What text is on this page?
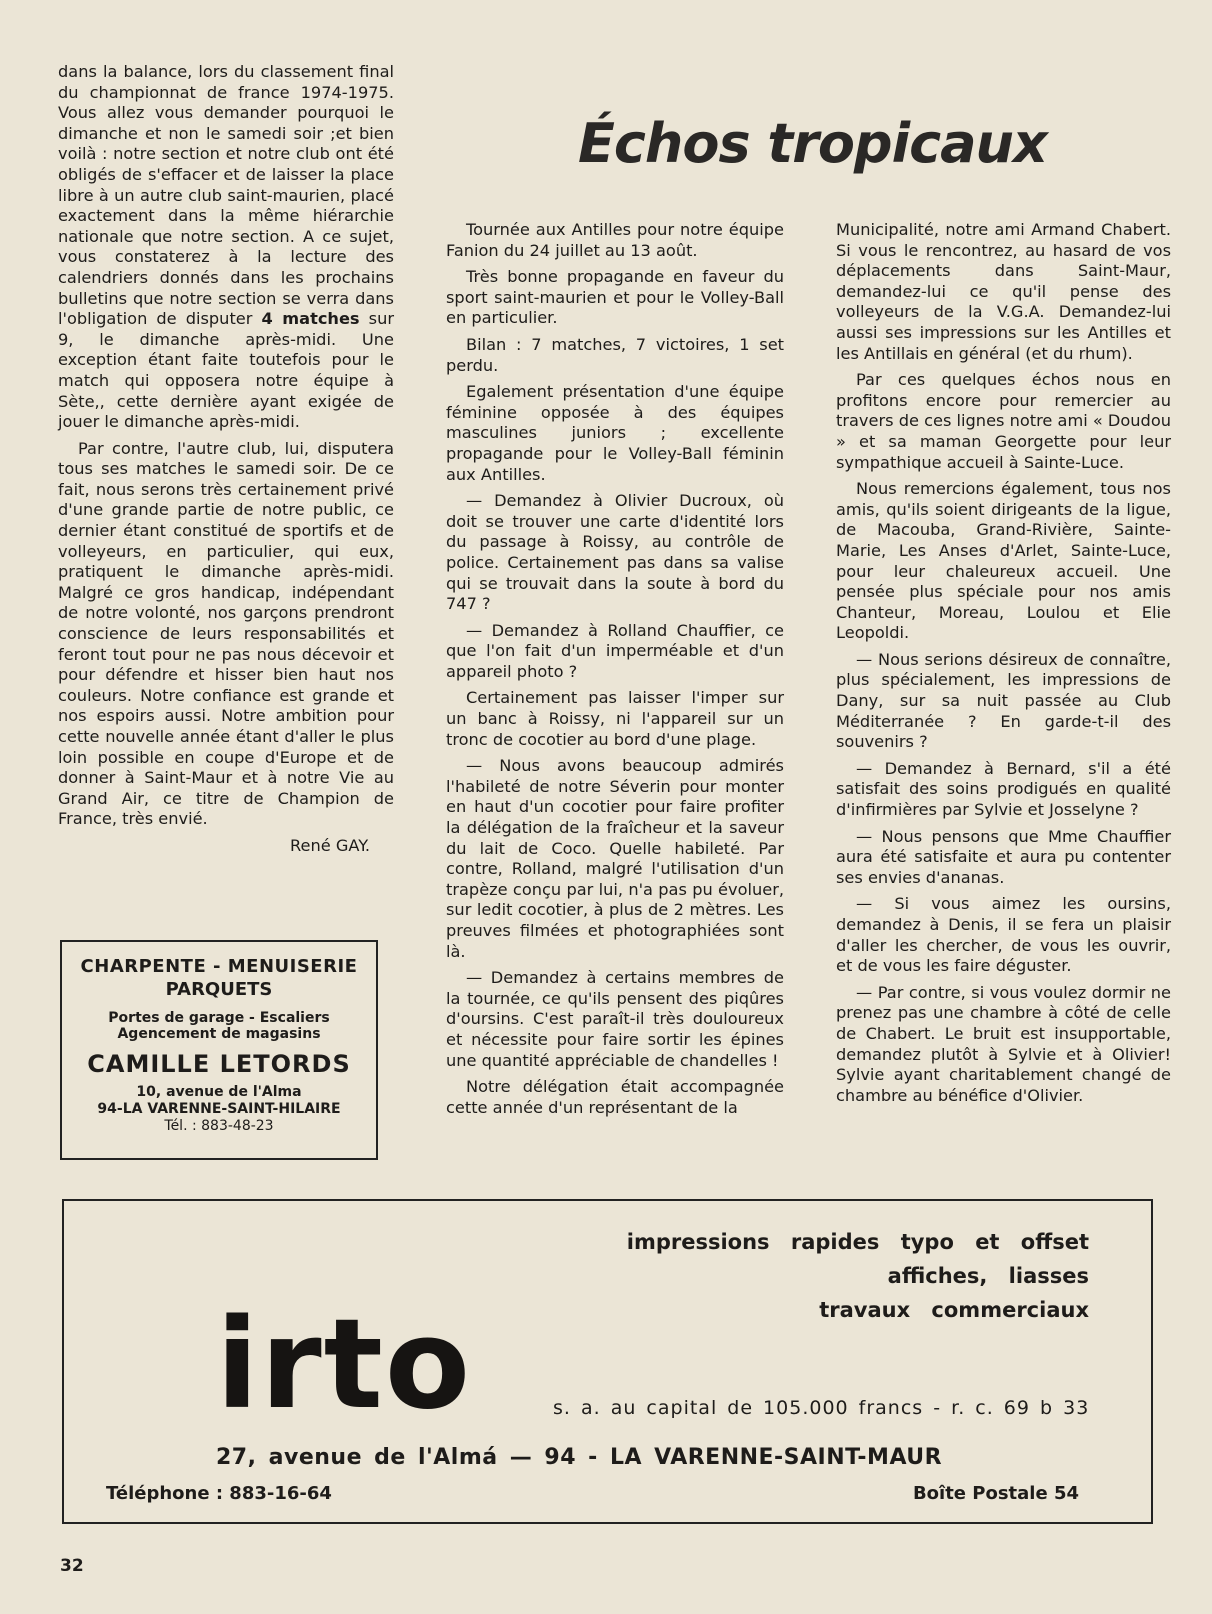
dans la balance, lors du classement final du championnat de france 1974-1975. Vous allez vous demander pourquoi le dimanche et non le samedi soir ;et bien voilà : notre section et notre club ont été obligés de s'effacer et de laisser la place libre à un autre club saint-maurien, placé exactement dans la même hiérarchie nationale que notre section. A ce sujet, vous constaterez à la lecture des calendriers donnés dans les prochains bulletins que notre section se verra dans l'obligation de disputer 4 matches sur 9, le dimanche après-midi. Une exception étant faite toutefois pour le match qui opposera notre équipe à Sète,, cette dernière ayant exigée de jouer le dimanche après-midi.

Par contre, l'autre club, lui, disputera tous ses matches le samedi soir. De ce fait, nous serons très certainement privé d'une grande partie de notre public, ce dernier étant constitué de sportifs et de volleyeurs, en particulier, qui eux, pratiquent le dimanche après-midi. Malgré ce gros handicap, indépendant de notre volonté, nos garçons prendront conscience de leurs responsabilités et feront tout pour ne pas nous décevoir et pour défendre et hisser bien haut nos couleurs. Notre confiance est grande et nos espoirs aussi. Notre ambition pour cette nouvelle année étant d'aller le plus loin possible en coupe d'Europe et de donner à Saint-Maur et à notre Vie au Grand Air, ce titre de Champion de France, très envié.

René GAY.
Échos tropicaux

Tournée aux Antilles pour notre équipe Fanion du 24 juillet au 13 août.

Très bonne propagande en faveur du sport saint-maurien et pour le Volley-Ball en particulier.

Bilan : 7 matches, 7 victoires, 1 set perdu.

Egalement présentation d'une équipe féminine opposée à des équipes masculines juniors ; excellente propagande pour le Volley-Ball féminin aux Antilles.

— Demandez à Olivier Ducroux, où doit se trouver une carte d'identité lors du passage à Roissy, au contrôle de police. Certainement pas dans sa valise qui se trouvait dans la soute à bord du 747 ?

— Demandez à Rolland Chauffier, ce que l'on fait d'un imperméable et d'un appareil photo ?

Certainement pas laisser l'imper sur un banc à Roissy, ni l'appareil sur un tronc de cocotier au bord d'une plage.

— Nous avons beaucoup admirés l'habileté de notre Séverin pour monter en haut d'un cocotier pour faire profiter la délégation de la fraîcheur et la saveur du lait de Coco. Quelle habileté. Par contre, Rolland, malgré l'utilisation d'un trapèze conçu par lui, n'a pas pu évoluer, sur ledit cocotier, à plus de 2 mètres. Les preuves filmées et photographiées sont là.

— Demandez à certains membres de la tournée, ce qu'ils pensent des piqûres d'oursins. C'est paraît-il très douloureux et nécessite pour faire sortir les épines une quantité appréciable de chandelles !

Notre délégation était accompagnée cette année d'un représentant de la

Municipalité, notre ami Armand Chabert. Si vous le rencontrez, au hasard de vos déplacements dans Saint-Maur, demandez-lui ce qu'il pense des volleyeurs de la V.G.A. Demandez-lui aussi ses impressions sur les Antilles et les Antillais en général (et du rhum).

Par ces quelques échos nous en profitons encore pour remercier au travers de ces lignes notre ami « Doudou » et sa maman Georgette pour leur sympathique accueil à Sainte-Luce.

Nous remercions également, tous nos amis, qu'ils soient dirigeants de la ligue, de Macouba, Grand-Rivière, Sainte-Marie, Les Anses d'Arlet, Sainte-Luce, pour leur chaleureux accueil. Une pensée plus spéciale pour nos amis Chanteur, Moreau, Loulou et Elie Leopoldi.

— Nous serions désireux de connaître, plus spécialement, les impressions de Dany, sur sa nuit passée au Club Méditerranée ? En garde-t-il des souvenirs ?

— Demandez à Bernard, s'il a été satisfait des soins prodigués en qualité d'infirmières par Sylvie et Josselyne ?

— Nous pensons que Mme Chauffier aura été satisfaite et aura pu contenter ses envies d'ananas.

— Si vous aimez les oursins, demandez à Denis, il se fera un plaisir d'aller les chercher, de vous les ouvrir, et de vous les faire déguster.

— Par contre, si vous voulez dormir ne prenez pas une chambre à côté de celle de Chabert. Le bruit est insupportable, demandez plutôt à Sylvie et à Olivier! Sylvie ayant charitablement changé de chambre au bénéfice d'Olivier.

CHARPENTE - MENUISERIE
PARQUETS
Portes de garage - Escaliers
Agencement de magasins
CAMILLE LETORDS
10, avenue de l'Alma
94-LA VARENNE-SAINT-HILAIRE
Tél. : 883-48-23
impressions rapides typo et offset
affiches, liasses
travaux commerciaux
irto	s. a. au capital de 105.000 francs - r. c. 69 b 33
27, avenue de l'Almá — 94 - LA VARENNE-SAINT-MAUR
Téléphone : 883-16-64	Boîte Postale 54
32
